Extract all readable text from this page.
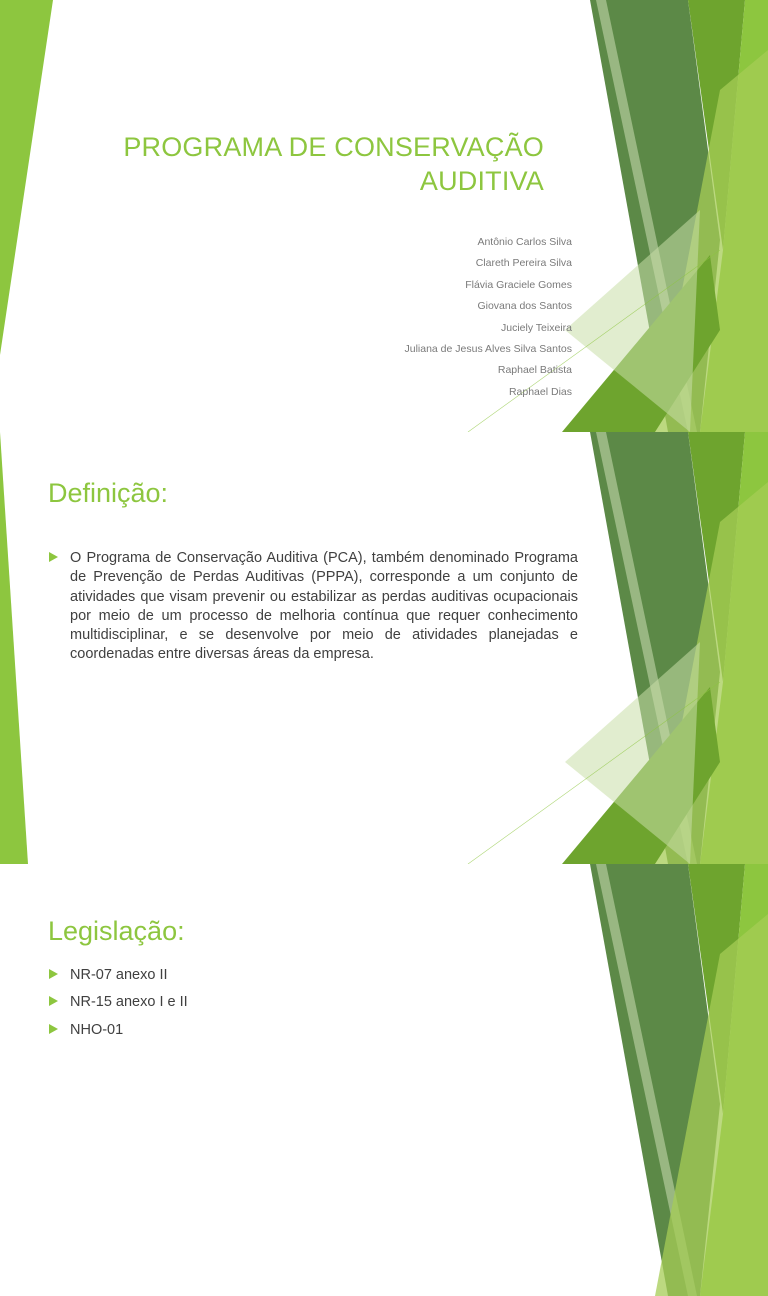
PROGRAMA DE CONSERVAÇÃO AUDITIVA
Antônio Carlos Silva
Clareth Pereira Silva
Flávia Graciele Gomes
Giovana dos Santos
Juciely Teixeira
Juliana de Jesus Alves Silva Santos
Raphael Batista
Raphael Dias
Definição:
O Programa de Conservação Auditiva (PCA), também denominado Programa de Prevenção de Perdas Auditivas (PPPA), corresponde a um conjunto de atividades que visam prevenir ou estabilizar as perdas auditivas ocupacionais por meio de um processo de melhoria contínua que requer conhecimento multidisciplinar, e se desenvolve por meio de atividades planejadas e coordenadas entre diversas áreas da empresa.
Legislação:
NR-07 anexo II
NR-15 anexo I e II
NHO-01
